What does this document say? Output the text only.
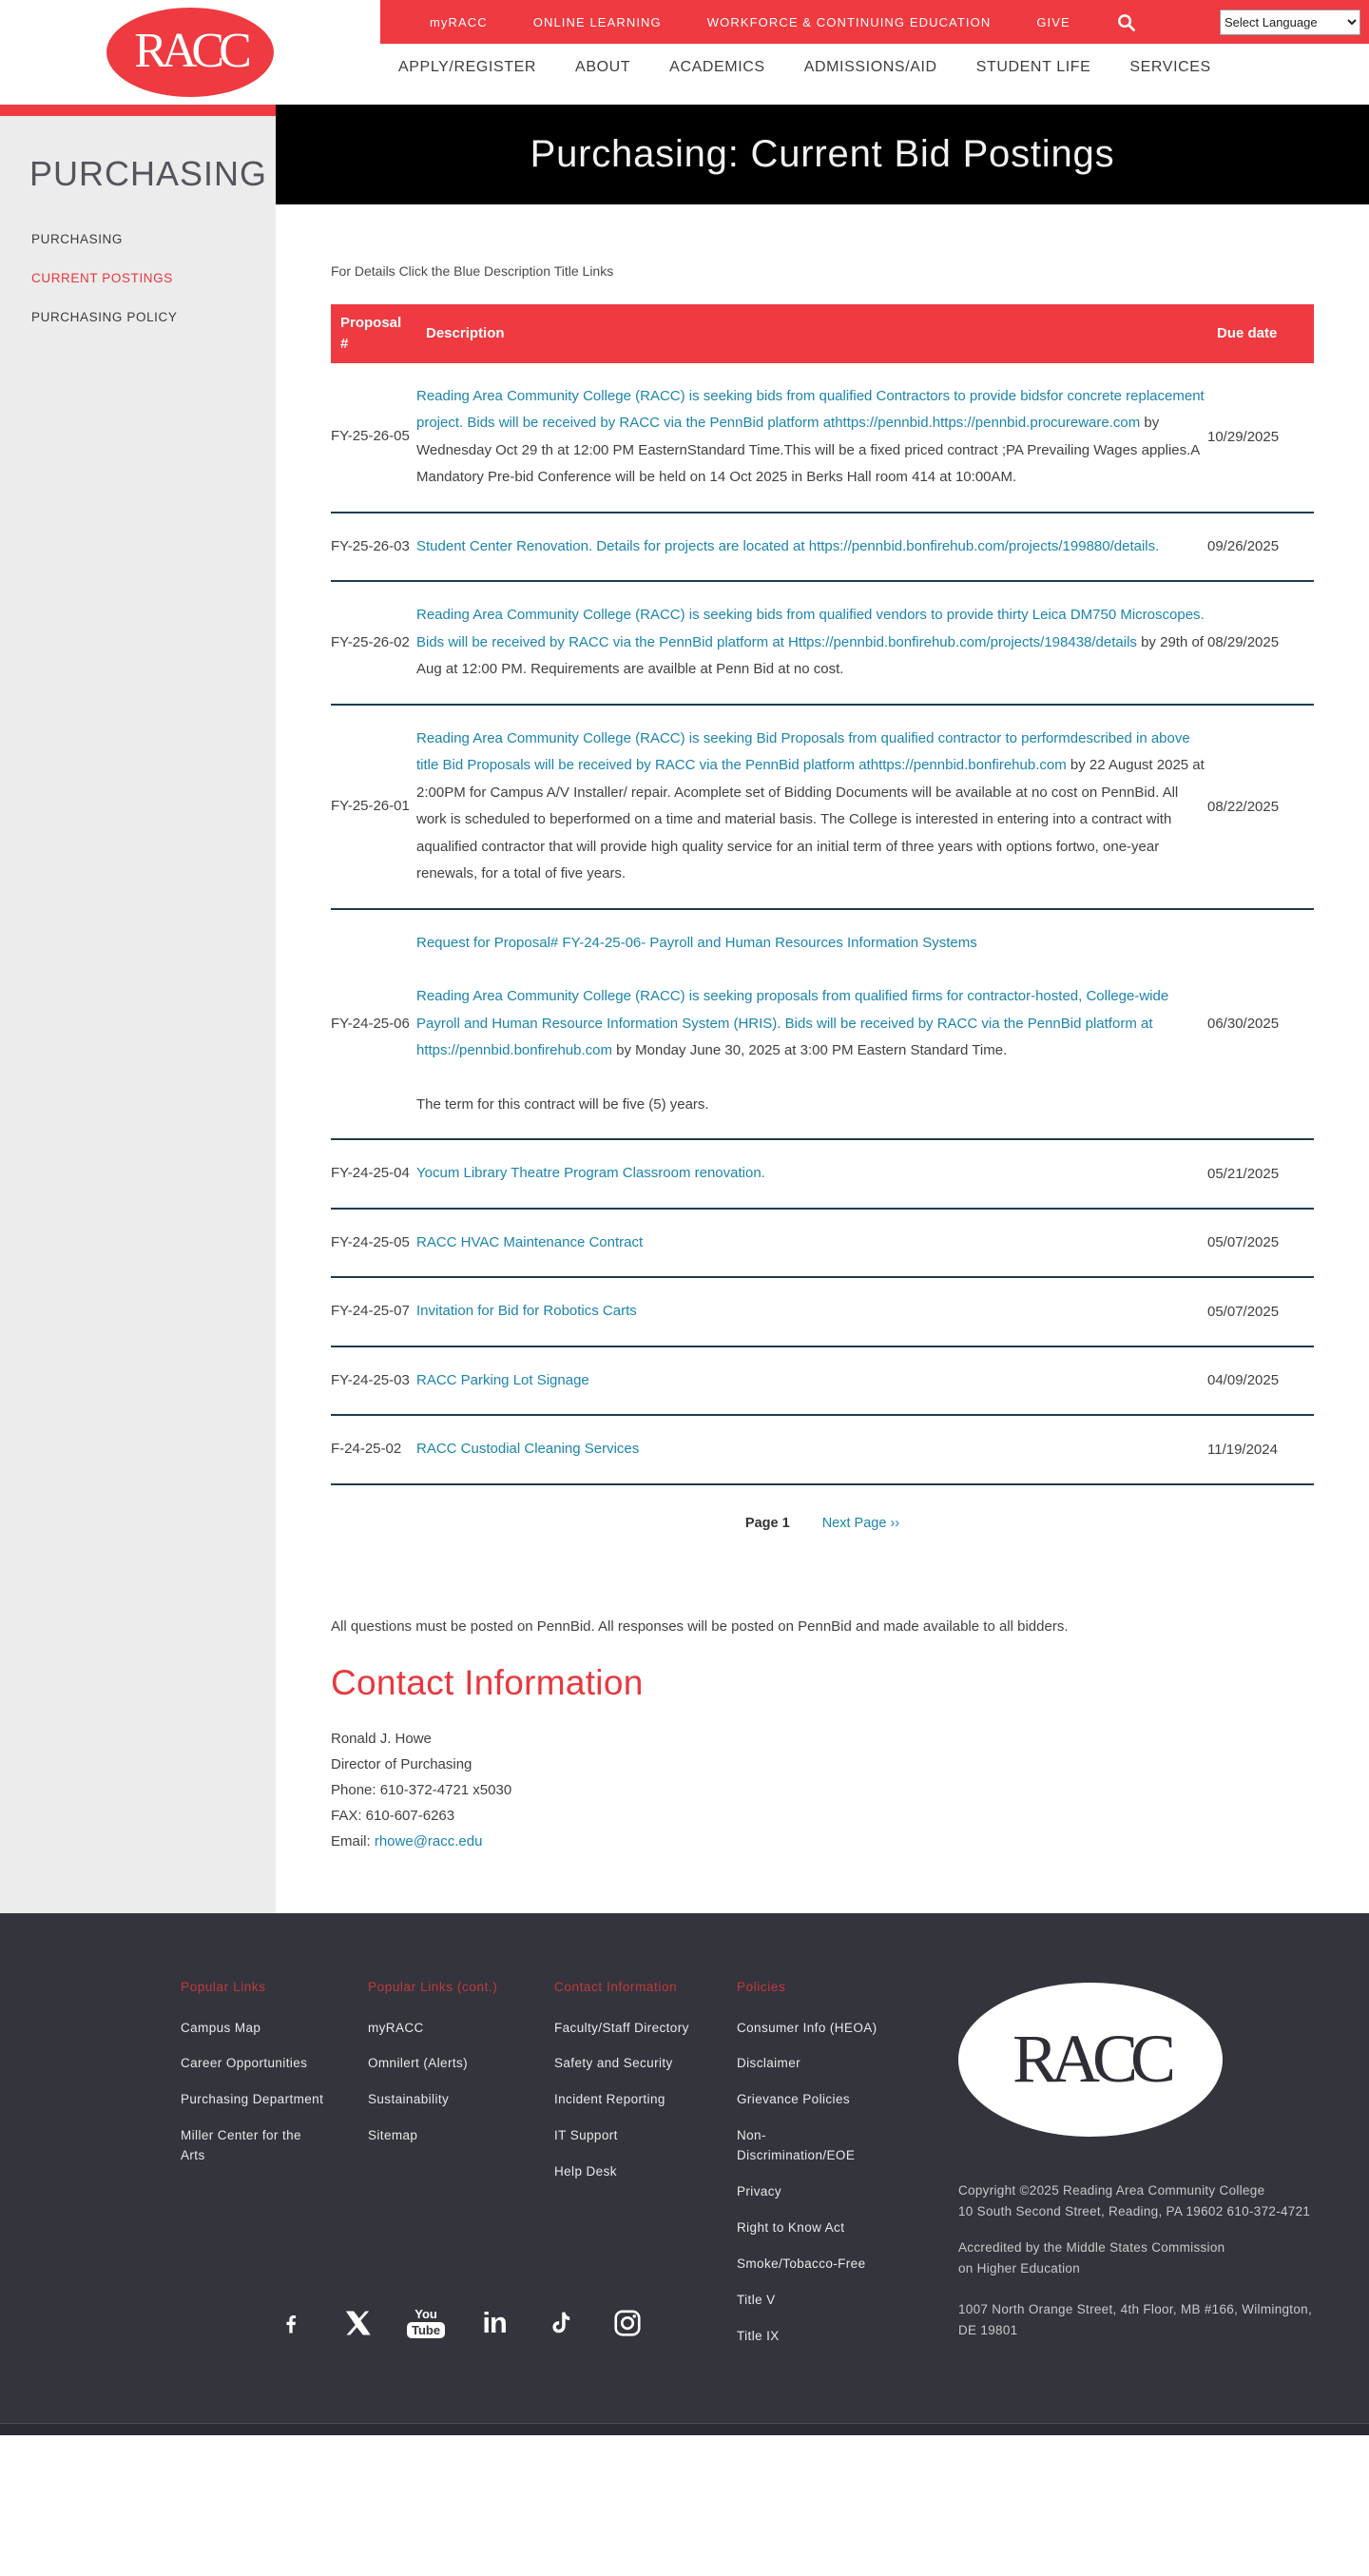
myRACC	ONLINE LEARNING	WORKFORCE & CONTINUING EDUCATION	GIVE
Select Language
RACC	APPLY/REGISTER	ABOUT	ACADEMICS	ADMISSIONS/AID	STUDENT LIFE	SERVICES
PURCHASING
PURCHASING
CURRENT POSTINGS
PURCHASING POLICY
Purchasing: Current Bid Postings

For Details Click the Blue Description Title Links

Proposal #	Description	Due date
FY-25-26-05	Reading Area Community College (RACC) is seeking bids from qualified Contractors to provide bidsfor concrete replacement project. Bids will be received by RACC via the PennBid platform athttps://pennbid.https://pennbid.procureware.com by Wednesday Oct 29 th at 12:00 PM EasternStandard Time.This will be a fixed priced contract ;PA Prevailing Wages applies.A Mandatory Pre-bid Conference will be held on 14 Oct 2025 in Berks Hall room 414 at 10:00AM.	10/29/2025
FY-25-26-03	Student Center Renovation. Details for projects are located at https://pennbid.bonfirehub.com/projects/199880/details.	09/26/2025
FY-25-26-02	Reading Area Community College (RACC) is seeking bids from qualified vendors to provide thirty Leica DM750 Microscopes. Bids will be received by RACC via the PennBid platform at Https://pennbid.bonfirehub.com/projects/198438/details by 29th of Aug at 12:00 PM. Requirements are availble at Penn Bid at no cost.	08/29/2025
FY-25-26-01	Reading Area Community College (RACC) is seeking Bid Proposals from qualified contractor to performdescribed in above title Bid Proposals will be received by RACC via the PennBid platform athttps://pennbid.bonfirehub.com by 22 August 2025 at 2:00PM for Campus A/V Installer/ repair. Acomplete set of Bidding Documents will be available at no cost on PennBid. All work is scheduled to beperformed on a time and material basis. The College is interested in entering into a contract with aqualified contractor that will provide high quality service for an initial term of three years with options fortwo, one-year renewals, for a total of five years.	08/22/2025
FY-24-25-06	Request for Proposal# FY-24-25-06- Payroll and Human Resources Information Systems

Reading Area Community College (RACC) is seeking proposals from qualified firms for contractor-hosted, College-wide Payroll and Human Resource Information System (HRIS). Bids will be received by RACC via the PennBid platform at https://pennbid.bonfirehub.com by Monday June 30, 2025 at 3:00 PM Eastern Standard Time.

The term for this contract will be five (5) years.	06/30/2025
FY-24-25-04	Yocum Library Theatre Program Classroom renovation.	05/21/2025
FY-24-25-05	RACC HVAC Maintenance Contract	05/07/2025
FY-24-25-07	Invitation for Bid for Robotics Carts	05/07/2025
FY-24-25-03	RACC Parking Lot Signage	04/09/2025
F-24-25-02	RACC Custodial Cleaning Services	11/19/2024
Page 1 Next Page ››

All questions must be posted on PennBid. All responses will be posted on PennBid and made available to all bidders.

Contact Information
Ronald J. Howe
Director of Purchasing
Phone: 610-372-4721 x5030
FAX: 610-607-6263
Email: rhowe@racc.edu
Popular Links
Campus Map
Career Opportunities
Purchasing Department
Miller Center for the Arts
Popular Links (cont.)
myRACC
Omnilert (Alerts)
Sustainability
Sitemap
Contact Information
Faculty/Staff Directory
Safety and Security
Incident Reporting
IT Support
Help Desk
Policies
Consumer Info (HEOA)
Disclaimer
Grievance Policies
Non-Discrimination/EOE
Privacy
Right to Know Act
Smoke/Tobacco-Free
Title V
Title IX
RACC
Copyright ©2025 Reading Area Community College
10 South Second Street, Reading, PA 19602 610-372-4721
Accredited by the Middle States Commission
on Higher Education
1007 North Orange Street, 4th Floor, MB #166, Wilmington,
DE 19801
You
Tube in
